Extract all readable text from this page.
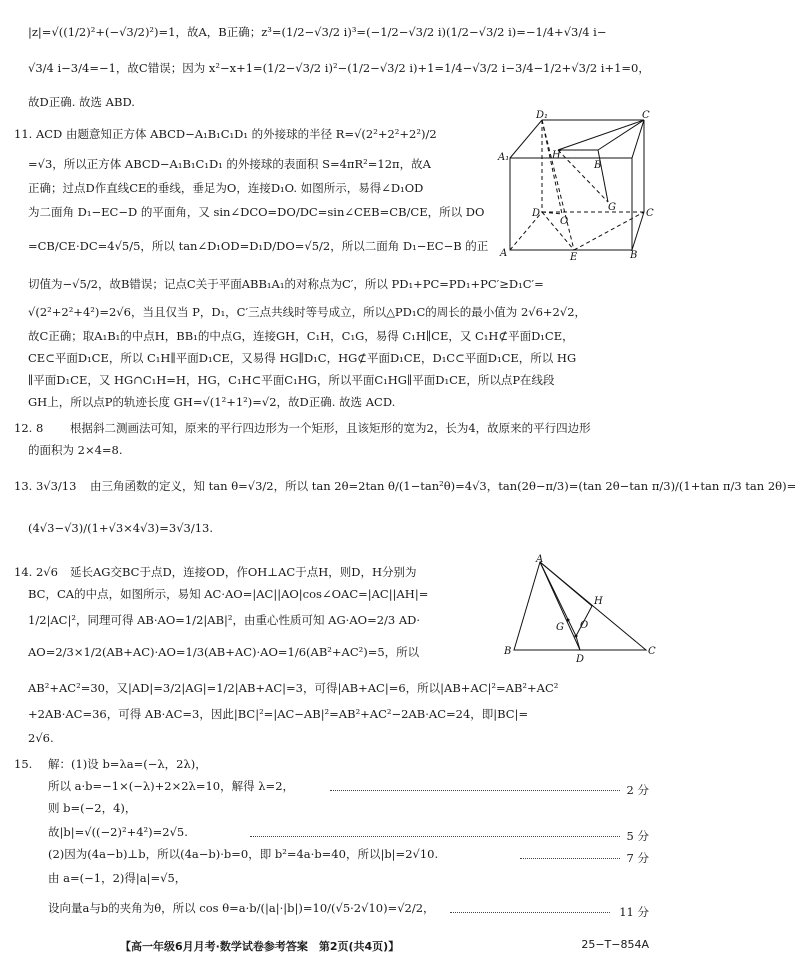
|z|=√((1/2)²+(−√3/2)²)=1，故A，B正确；z³=(1/2−√3/2 i)³=(−1/2−√3/2 i)(1/2−√3/2 i)=−1/4+√3/4 i−
√3/4 i−3/4=−1，故C错误；因为 x²−x+1=(1/2−√3/2 i)²−(1/2−√3/2 i)+1=1/4−√3/2 i−3/4−1/2+√3/2 i+1=0，
故D正确. 故选 ABD.
11. ACD 由题意知正方体 ABCD−A₁B₁C₁D₁ 的外接球的半径 R=√(2²+2²+2²)/2
=√3，所以正方体 ABCD−A₁B₁C₁D₁ 的外接球的表面积 S=4πR²=12π，故A
正确；过点D作直线CE的垂线，垂足为O，连接D₁O. 如图所示，易得∠D₁OD
为二面角 D₁−EC−D 的平面角，又 sin∠DCO=DO/DC=sin∠CEB=CB/CE，所以 DO
=CB/CE·DC=4√5/5，所以 tan∠D₁OD=D₁D/DO=√5/2，所以二面角 D₁−EC−B 的正
切值为−√5/2，故B错误；记点C关于平面ABB₁A₁的对称点为C′，所以 PD₁+PC=PD₁+PC′≥D₁C′=
√(2²+2²+4²)=2√6，当且仅当 P，D₁，C′三点共线时等号成立，所以△PD₁C的周长的最小值为 2√6+2√2，
故C正确；取A₁B₁的中点H，BB₁的中点G，连接GH，C₁H，C₁G，易得 C₁H∥CE，又 C₁H⊄平面D₁CE，
CE⊂平面D₁CE，所以 C₁H∥平面D₁CE，又易得 HG∥D₁C，HG⊄平面D₁CE，D₁C⊂平面D₁CE，所以 HG
∥平面D₁CE，又 HG∩C₁H=H，HG，C₁H⊂平面C₁HG，所以平面C₁HG∥平面D₁CE，所以点P在线段
GH上，所以点P的轨迹长度 GH=√(1²+1²)=√2，故D正确. 故选 ACD.
D₁	C
A₁	H
B
G
D
O
C
A	E	B
12. 8 根据斜二测画法可知，原来的平行四边形为一个矩形，且该矩形的宽为2，长为4，故原来的平行四边形
的面积为 2×4=8.
13. 3√3/13 由三角函数的定义，知 tan θ=√3/2，所以 tan 2θ=2tan θ/(1−tan²θ)=4√3，tan(2θ−π/3)=(tan 2θ−tan π/3)/(1+tan π/3 tan 2θ)=
(4√3−√3)/(1+√3×4√3)=3√3/13.
14. 2√6 延长AG交BC于点D，连接OD，作OH⊥AC于点H，则D，H分别为
BC，CA的中点，如图所示，易知 AC·AO=|AC||AO|cos∠OAC=|AC||AH|=
1/2|AC|²，同理可得 AB·AO=1/2|AB|²，由重心性质可知 AG·AO=2/3 AD·
AO=2/3×1/2(AB+AC)·AO=1/3(AB+AC)·AO=1/6(AB²+AC²)=5，所以
AB²+AC²=30，又|AD|=3/2|AG|=1/2|AB+AC|=3，可得|AB+AC|=6，所以|AB+AC|²=AB²+AC²
+2AB·AC=36，可得 AB·AC=3，因此|BC|²=|AC−AB|²=AB²+AC²−2AB·AC=24，即|BC|=
2√6.
A
H
G O
B
D
C
15. 解：(1)设 b=λa=(−λ，2λ)，
所以 a·b=−1×(−λ)+2×2λ=10，解得 λ=2，
则 b=(−2，4)，
故|b|=√((−2)²+4²)=2√5.
(2)因为(4a−b)⊥b，所以(4a−b)·b=0，即 b²=4a·b=40，所以|b|=2√10.
由 a=(−1，2)得|a|=√5，
设向量a与b的夹角为θ，所以 cos θ=a·b/(|a|·|b|)=10/(√5·2√10)=√2/2，
2 分
5 分
7 分
11 分
【高一年级6月月考·数学试卷参考答案　第2页(共4页)】	25−T−854A
